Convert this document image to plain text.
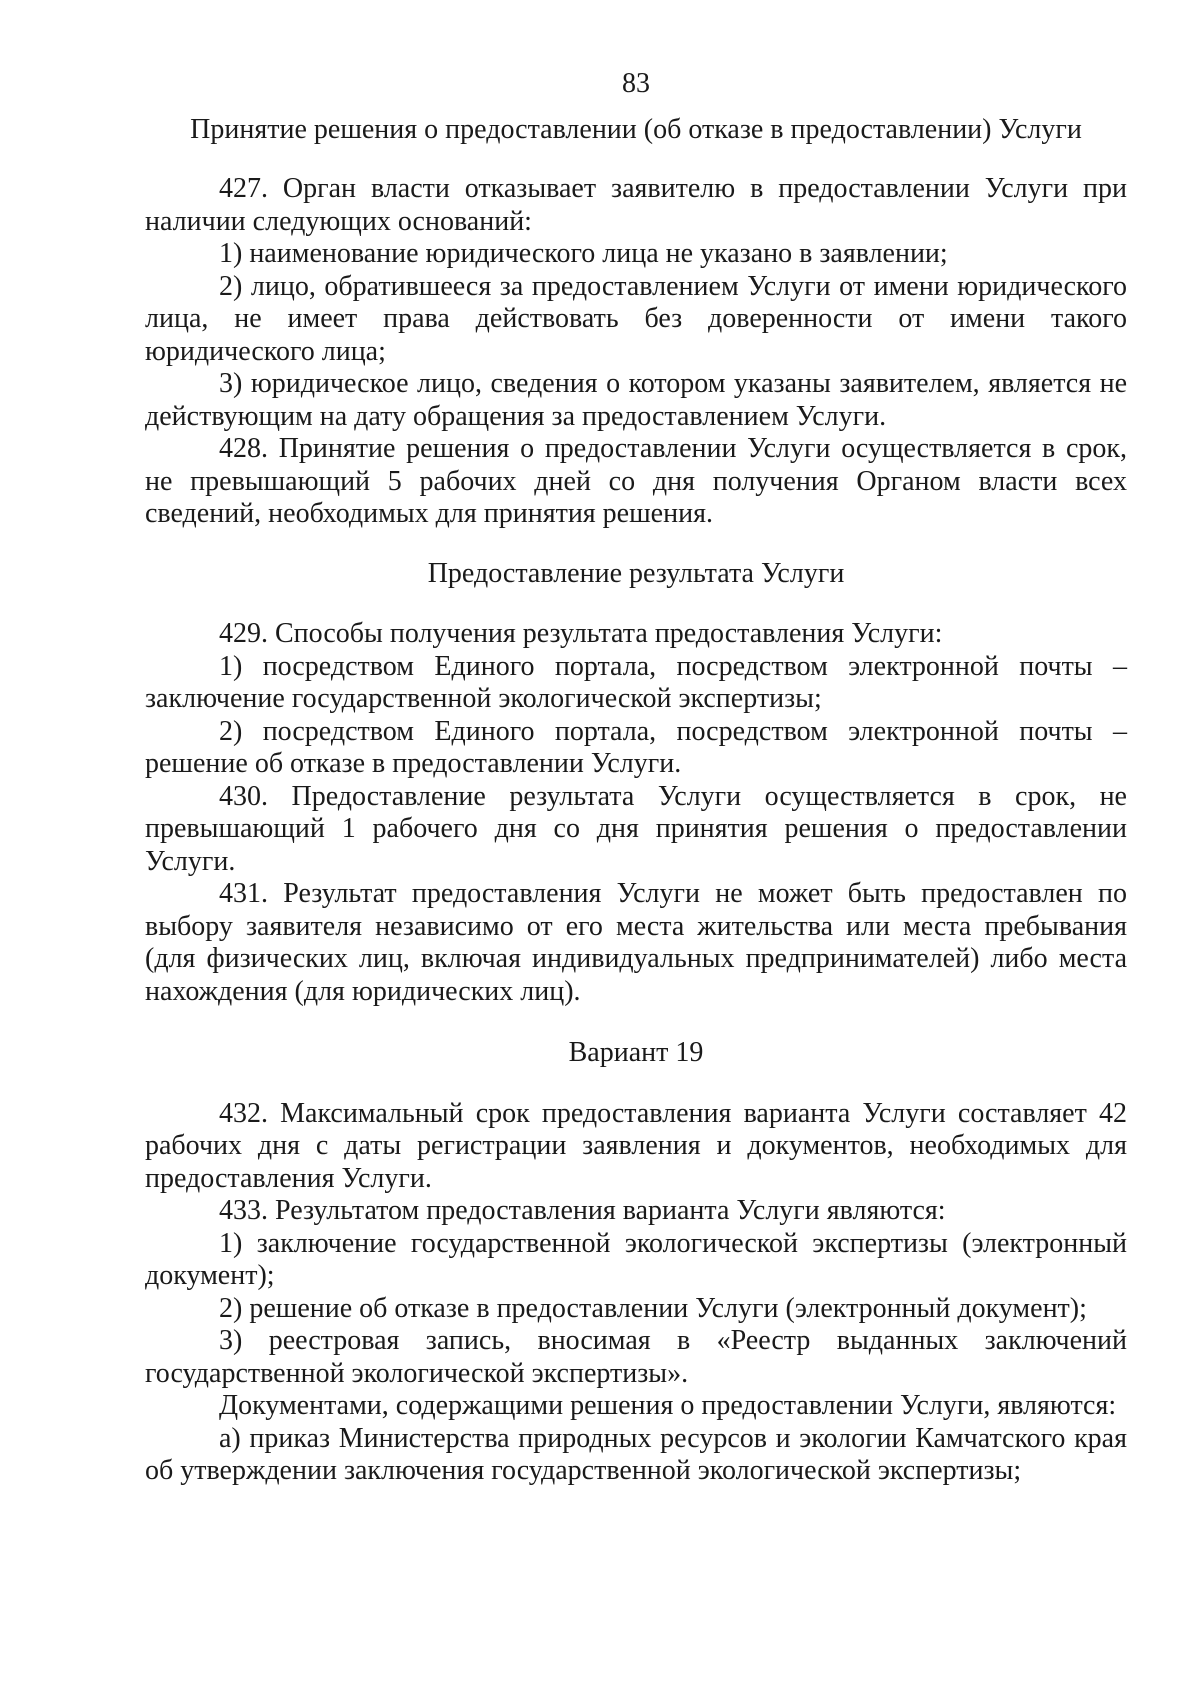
83
Принятие решения о предоставлении (об отказе в предоставлении) Услуги

427. Орган власти отказывает заявителю в предоставлении Услуги при наличии следующих оснований:

1) наименование юридического лица не указано в заявлении;

2) лицо, обратившееся за предоставлением Услуги от имени юридического лица, не имеет права действовать без доверенности от имени такого юридического лица;

3) юридическое лицо, сведения о котором указаны заявителем, является не действующим на дату обращения за предоставлением Услуги.

428. Принятие решения о предоставлении Услуги осуществляется в срок, не превышающий 5 рабочих дней со дня получения Органом власти всех сведений, необходимых для принятия решения.

Предоставление результата Услуги

429. Способы получения результата предоставления Услуги:

1) посредством Единого портала, посредством электронной почты – заключение государственной экологической экспертизы;

2) посредством Единого портала, посредством электронной почты – решение об отказе в предоставлении Услуги.

430. Предоставление результата Услуги осуществляется в срок, не превышающий 1 рабочего дня со дня принятия решения о предоставлении Услуги.

431. Результат предоставления Услуги не может быть предоставлен по выбору заявителя независимо от его места жительства или места пребывания (для физических лиц, включая индивидуальных предпринимателей) либо места нахождения (для юридических лиц).

Вариант 19

432. Максимальный срок предоставления варианта Услуги составляет 42 рабочих дня с даты регистрации заявления и документов, необходимых для предоставления Услуги.

433. Результатом предоставления варианта Услуги являются:

1) заключение государственной экологической экспертизы (электронный документ);

2) решение об отказе в предоставлении Услуги (электронный документ);

3) реестровая запись, вносимая в «Реестр выданных заключений государственной экологической экспертизы».

Документами, содержащими решения о предоставлении Услуги, являются:

а) приказ Министерства природных ресурсов и экологии Камчатского края об утверждении заключения государственной экологической экспертизы;
